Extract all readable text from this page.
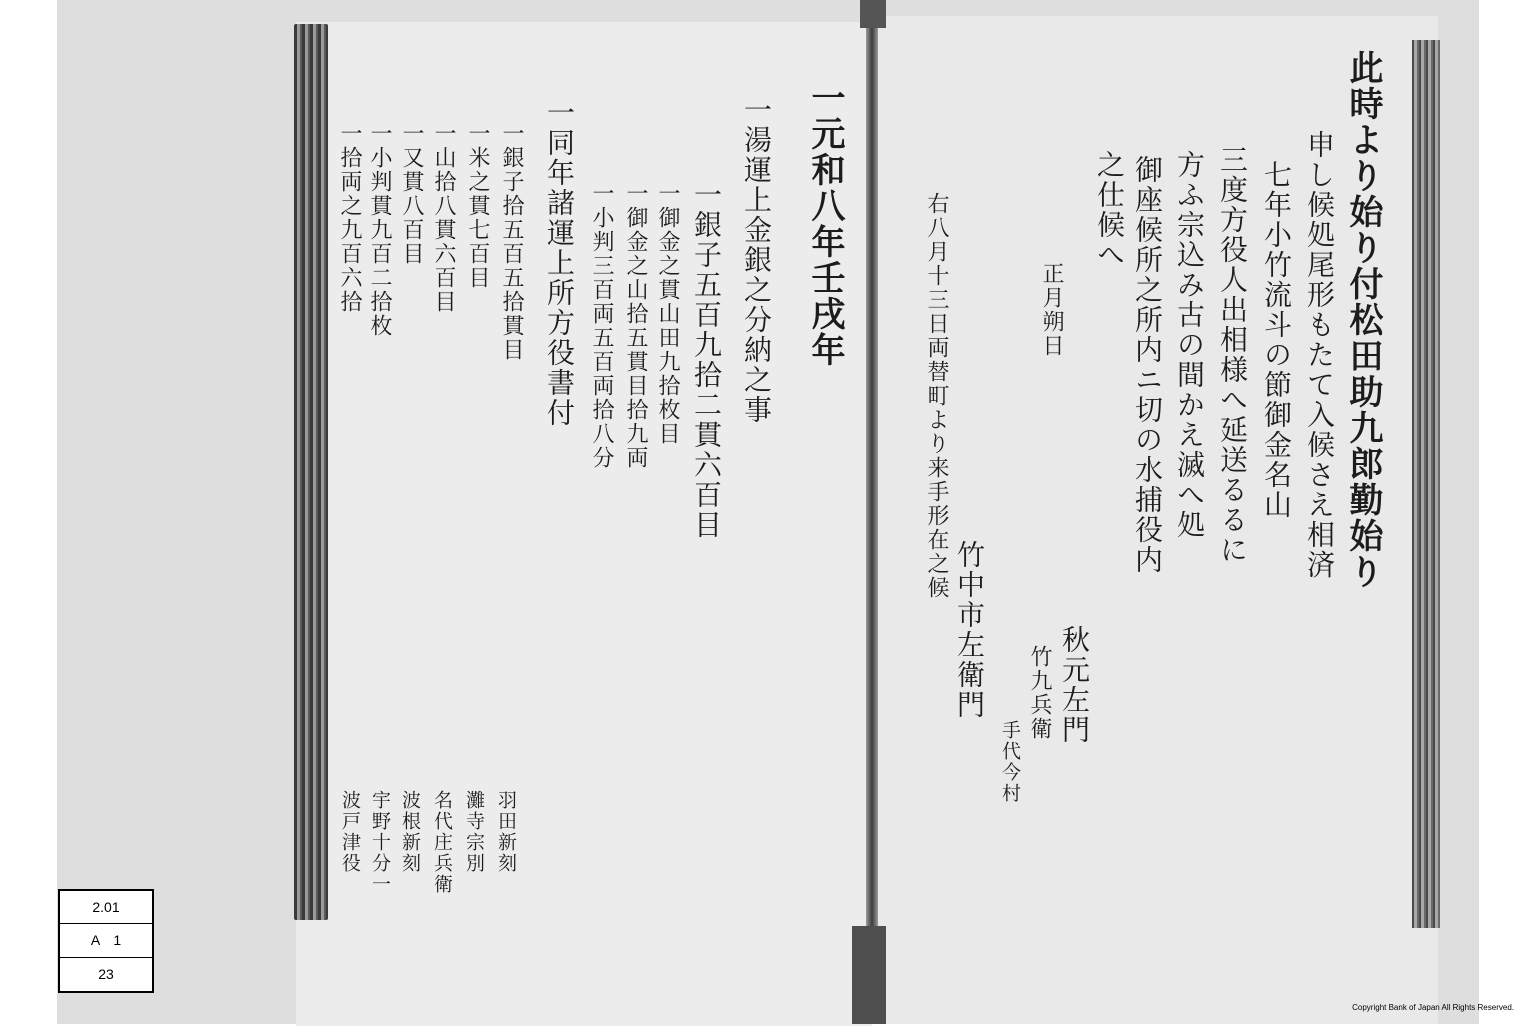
此時より始り付松田助九郎勤始り
申し候処尾形もたて入候さえ相済
七年小竹流斗の節御金名山
三度方役人出相様へ延送るるに
方ふ宗込み古の間かえ滅へ処
御座候所之所内ニ切の水捕役内
之仕候へ
正月朔日
右八月十三日両替町より来手形在之候
竹中市左衛門	秋元左門
竹九兵衛
手代今村
一元和八年壬戌年
一湯運上金銀之分納之事
一銀子五百九拾二貫六百目
一御金之貫山田九拾枚目
一御金之山拾五貫目拾九両
一小判三百両五百両拾八分
一同年諸運上所方役書付
一銀子拾五百五拾貫目
一米之貫七百目
一山拾八貫六百目
一又貫八百目
一小判貫九百二拾枚
一拾両之九百六拾
羽田新刻
灘寺宗別
名代庄兵衛
波根新刻
宇野十分一
波戸津役
2.01
A　1
23
Copyright Bank of Japan All Rights Reserved.
